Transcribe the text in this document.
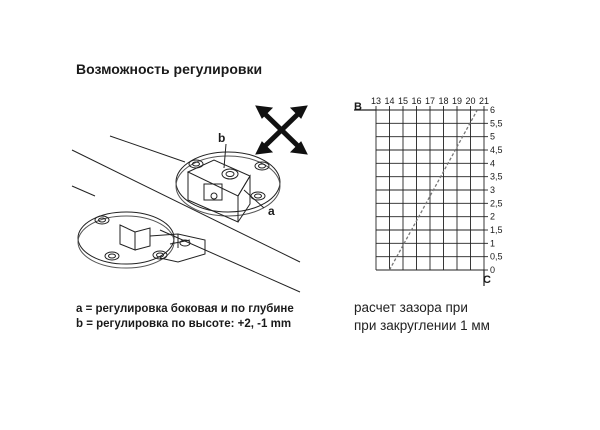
Возможность регулировки
b
a
13 14 15 16 17 18 19 20 21
0
0,5
1
1,5
2
2,5
3
3,5
4
4,5
5
5,5
6
B
C
a = регулировка боковая и по глубине
b = регулировка по высоте: +2, -1 mm
расчет зазора при
при закруглении 1 мм
